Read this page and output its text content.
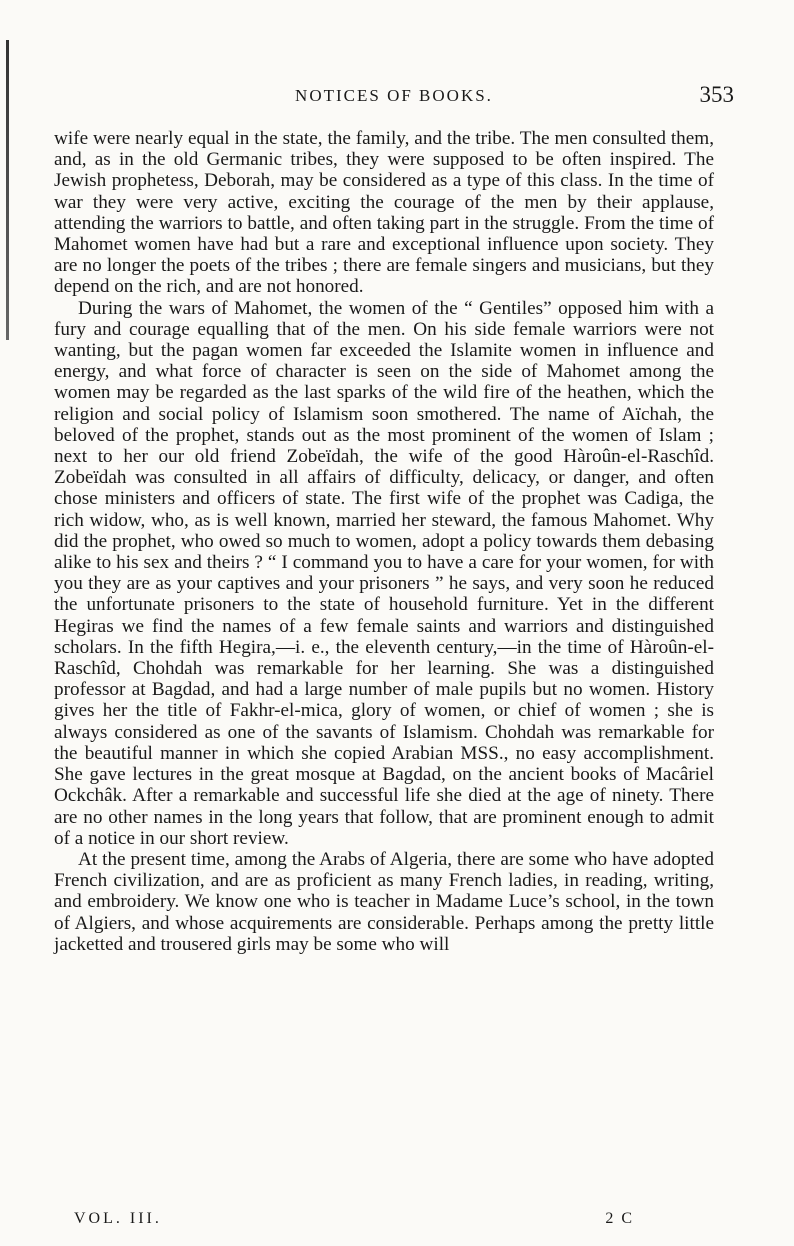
NOTICES OF BOOKS.	353

wife were nearly equal in the state, the family, and the tribe. The men consulted them, and, as in the old Germanic tribes, they were supposed to be often inspired. The Jewish prophetess, Deborah, may be considered as a type of this class. In the time of war they were very active, exciting the courage of the men by their applause, attending the warriors to battle, and often taking part in the struggle. From the time of Mahomet women have had but a rare and exceptional influence upon society. They are no longer the poets of the tribes ; there are female singers and musicians, but they depend on the rich, and are not honored.

During the wars of Mahomet, the women of the “ Gentiles” opposed him with a fury and courage equalling that of the men. On his side female warriors were not wanting, but the pagan women far exceeded the Islamite women in influence and energy, and what force of character is seen on the side of Mahomet among the women may be regarded as the last sparks of the wild fire of the heathen, which the religion and social policy of Islamism soon smothered. The name of Aïchah, the beloved of the prophet, stands out as the most prominent of the women of Islam ; next to her our old friend Zobeïdah, the wife of the good Hàroûn-el-Raschîd. Zobeïdah was consulted in all affairs of difficulty, delicacy, or danger, and often chose ministers and officers of state. The first wife of the prophet was Cadiga, the rich widow, who, as is well known, married her steward, the famous Mahomet. Why did the prophet, who owed so much to women, adopt a policy towards them debasing alike to his sex and theirs ? “ I command you to have a care for your women, for with you they are as your captives and your prisoners ” he says, and very soon he reduced the unfortunate prisoners to the state of household furniture. Yet in the different Hegiras we find the names of a few female saints and warriors and distinguished scholars. In the fifth Hegira,—i. e., the eleventh century,—in the time of Hàroûn-el-Raschîd, Chohdah was remarkable for her learning. She was a distinguished professor at Bagdad, and had a large number of male pupils but no women. History gives her the title of Fakhr-el-mica, glory of women, or chief of women ; she is always considered as one of the savants of Islamism. Chohdah was remarkable for the beautiful manner in which she copied Arabian MSS., no easy accomplishment. She gave lectures in the great mosque at Bagdad, on the ancient books of Macâriel Ockchâk. After a remarkable and successful life she died at the age of ninety. There are no other names in the long years that follow, that are prominent enough to admit of a notice in our short review.

At the present time, among the Arabs of Algeria, there are some who have adopted French civilization, and are as proficient as many French ladies, in reading, writing, and embroidery. We know one who is teacher in Madame Luce’s school, in the town of Algiers, and whose acquirements are considerable. Perhaps among the pretty little jacketted and trousered girls may be some who will

VOL. III.	2 C
